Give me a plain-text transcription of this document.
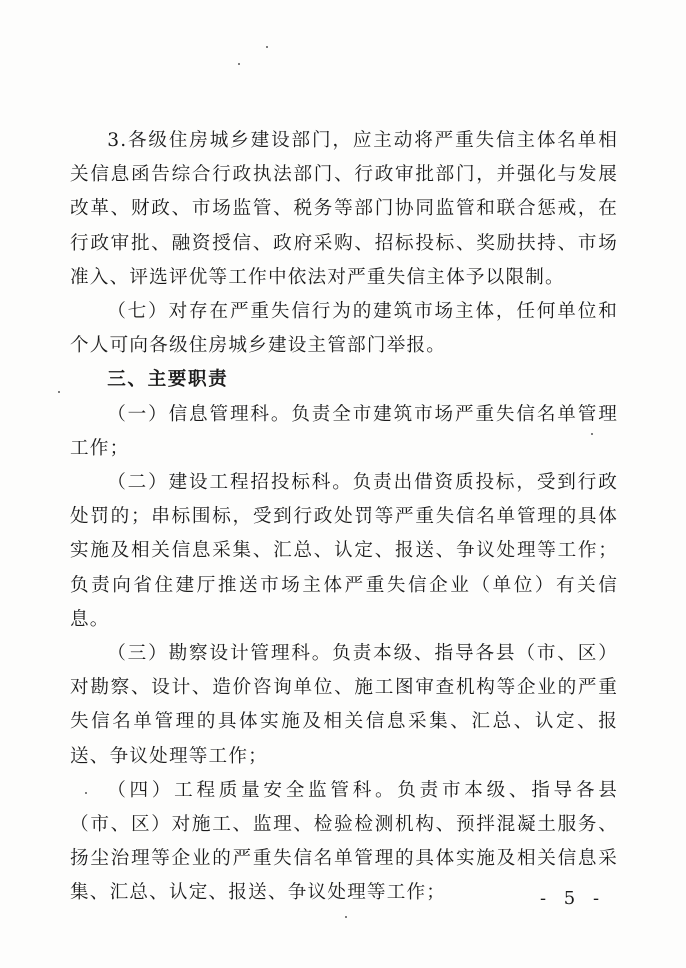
3.各级住房城乡建设部门，应主动将严重失信主体名单相关信息函告综合行政执法部门、行政审批部门，并强化与发展改革、财政、市场监管、税务等部门协同监管和联合惩戒，在行政审批、融资授信、政府采购、招标投标、奖励扶持、市场准入、评选评优等工作中依法对严重失信主体予以限制。

（七）对存在严重失信行为的建筑市场主体，任何单位和个人可向各级住房城乡建设主管部门举报。

三、主要职责

（一）信息管理科。负责全市建筑市场严重失信名单管理工作；

（二）建设工程招投标科。负责出借资质投标，受到行政处罚的；串标围标，受到行政处罚等严重失信名单管理的具体实施及相关信息采集、汇总、认定、报送、争议处理等工作；负责向省住建厅推送市场主体严重失信企业（单位）有关信息。

（三）勘察设计管理科。负责本级、指导各县（市、区）对勘察、设计、造价咨询单位、施工图审查机构等企业的严重失信名单管理的具体实施及相关信息采集、汇总、认定、报送、争议处理等工作；

（四）工程质量安全监管科。负责市本级、指导各县（市、区）对施工、监理、检验检测机构、预拌混凝土服务、扬尘治理等企业的严重失信名单管理的具体实施及相关信息采集、汇总、认定、报送、争议处理等工作；	- 5 -
